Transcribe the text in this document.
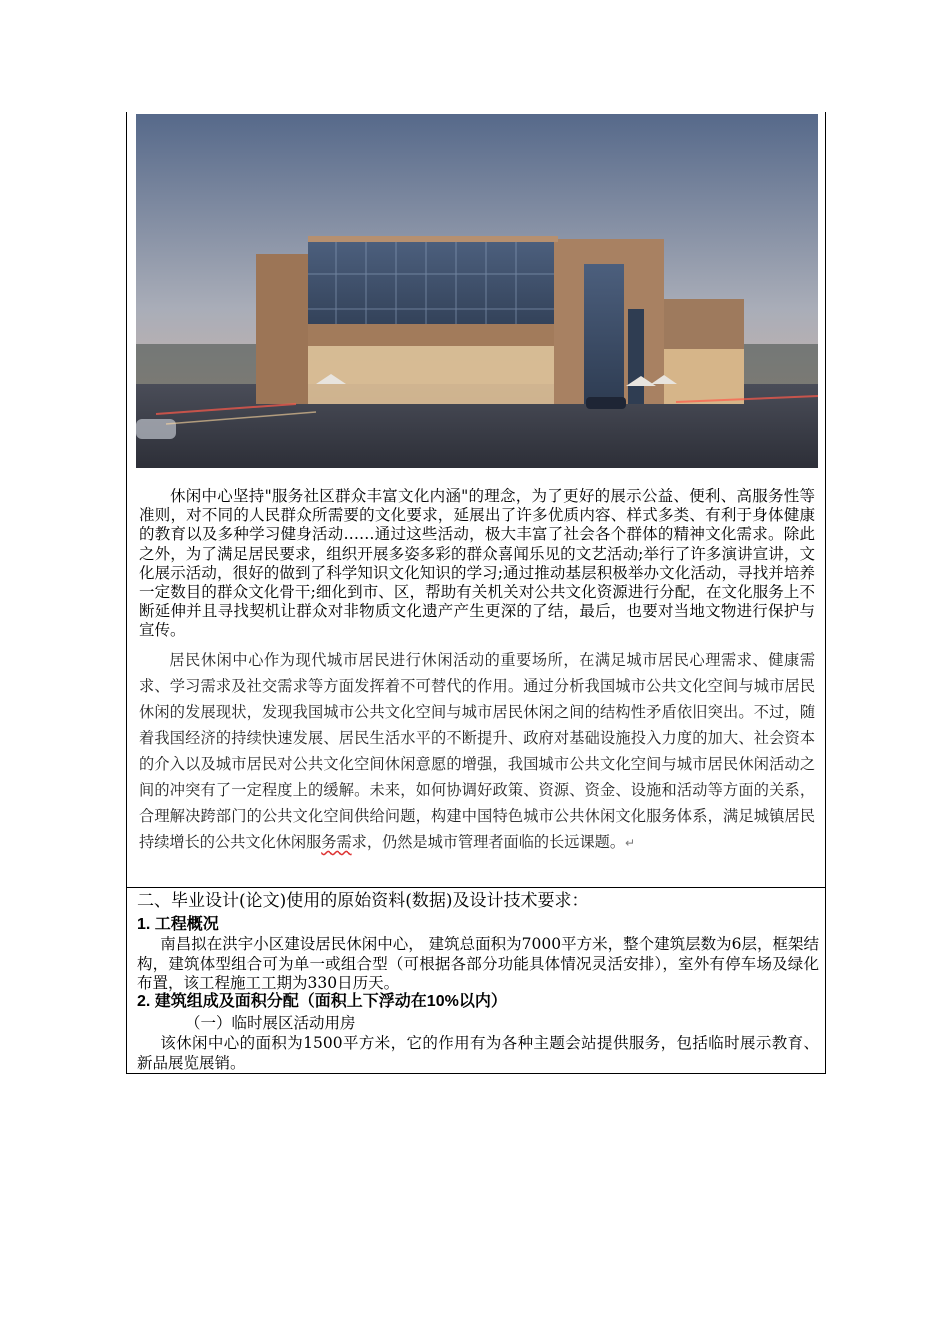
休闲中心坚持"服务社区群众丰富文化内涵"的理念，为了更好的展示公益、便利、高服务性等准则，对不同的人民群众所需要的文化要求，延展出了许多优质内容、样式多类、有利于身体健康的教育以及多种学习健身活动……通过这些活动，极大丰富了社会各个群体的精神文化需求。除此之外，为了满足居民要求，组织开展多姿多彩的群众喜闻乐见的文艺活动;举行了许多演讲宣讲，文化展示活动，很好的做到了科学知识文化知识的学习;通过推动基层积极举办文化活动，寻找并培养一定数目的群众文化骨干;细化到市、区，帮助有关机关对公共文化资源进行分配，在文化服务上不断延伸并且寻找契机让群众对非物质文化遗产产生更深的了结，最后，也要对当地文物进行保护与宣传。

居民休闲中心作为现代城市居民进行休闲活动的重要场所，在满足城市居民心理需求、健康需求、学习需求及社交需求等方面发挥着不可替代的作用。通过分析我国城市公共文化空间与城市居民休闲的发展现状，发现我国城市公共文化空间与城市居民休闲之间的结构性矛盾依旧突出。不过，随着我国经济的持续快速发展、居民生活水平的不断提升、政府对基础设施投入力度的加大、社会资本的介入以及城市居民对公共文化空间休闲意愿的增强，我国城市公共文化空间与城市居民休闲活动之间的冲突有了一定程度上的缓解。未来，如何协调好政策、资源、资金、设施和活动等方面的关系，合理解决跨部门的公共文化空间供给问题，构建中国特色城市公共休闲文化服务体系，满足城镇居民持续增长的公共文化休闲服务需求，仍然是城市管理者面临的长远课题。↵

二、毕业设计(论文)使用的原始资料(数据)及设计技术要求：
1. 工程概况

南昌拟在洪宇小区建设居民休闲中心， 建筑总面积为7000平方米，整个建筑层数为6层，框架结构，建筑体型组合可为单一或组合型（可根据各部分功能具体情况灵活安排），室外有停车场及绿化布置，该工程施工工期为330日历天。

2. 建筑组成及面积分配（面积上下浮动在10%以内）
（一）临时展区活动用房

该休闲中心的面积为1500平方米，它的作用有为各种主题会站提供服务，包括临时展示教育、新品展览展销。
